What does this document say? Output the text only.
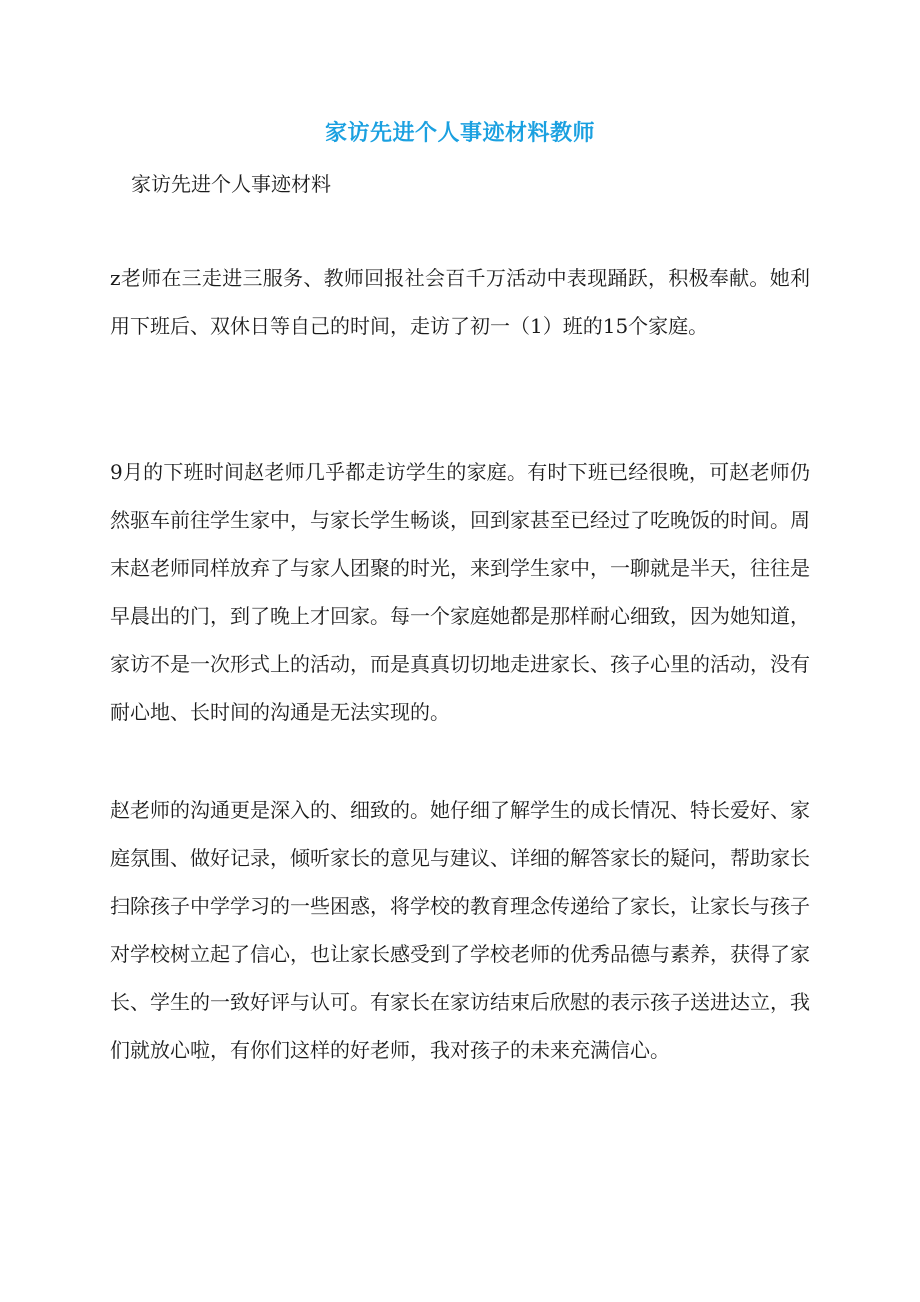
家访先进个人事迹材料教师
家访先进个人事迹材料

z老师在三走进三服务、教师回报社会百千万活动中表现踊跃，积极奉献。她利用下班后、双休日等自己的时间，走访了初一（1）班的15个家庭。

9月的下班时间赵老师几乎都走访学生的家庭。有时下班已经很晚，可赵老师仍然驱车前往学生家中，与家长学生畅谈，回到家甚至已经过了吃晚饭的时间。周末赵老师同样放弃了与家人团聚的时光，来到学生家中，一聊就是半天，往往是早晨出的门，到了晚上才回家。每一个家庭她都是那样耐心细致，因为她知道，家访不是一次形式上的活动，而是真真切切地走进家长、孩子心里的活动，没有耐心地、长时间的沟通是无法实现的。

赵老师的沟通更是深入的、细致的。她仔细了解学生的成长情况、特长爱好、家庭氛围、做好记录，倾听家长的意见与建议、详细的解答家长的疑问，帮助家长扫除孩子中学学习的一些困惑，将学校的教育理念传递给了家长，让家长与孩子对学校树立起了信心，也让家长感受到了学校老师的优秀品德与素养，获得了家长、学生的一致好评与认可。有家长在家访结束后欣慰的表示孩子送进达立，我们就放心啦，有你们这样的好老师，我对孩子的未来充满信心。
